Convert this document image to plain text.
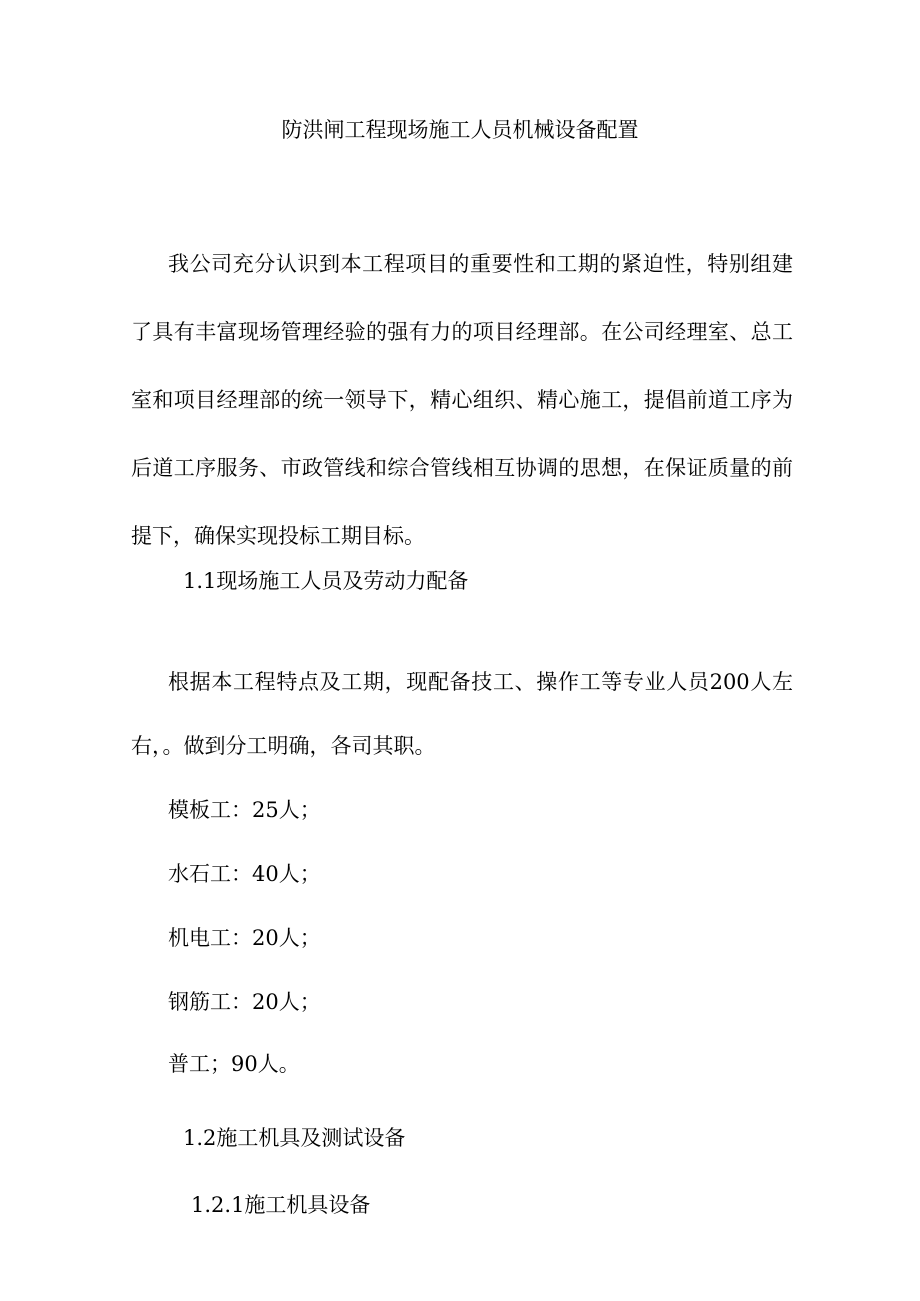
防洪闸工程现场施工人员机械设备配置

我公司充分认识到本工程项目的重要性和工期的紧迫性，特别组建了具有丰富现场管理经验的强有力的项目经理部。在公司经理室、总工室和项目经理部的统一领导下，精心组织、精心施工，提倡前道工序为后道工序服务、市政管线和综合管线相互协调的思想，在保证质量的前提下，确保实现投标工期目标。

1.1现场施工人员及劳动力配备

根据本工程特点及工期，现配备技工、操作工等专业人员200人左右，。做到分工明确，各司其职。

模板工：25人；

水石工：40人；

机电工：20人；

钢筋工：20人；

普工；90人。

1.2施工机具及测试设备

1.2.1施工机具设备
